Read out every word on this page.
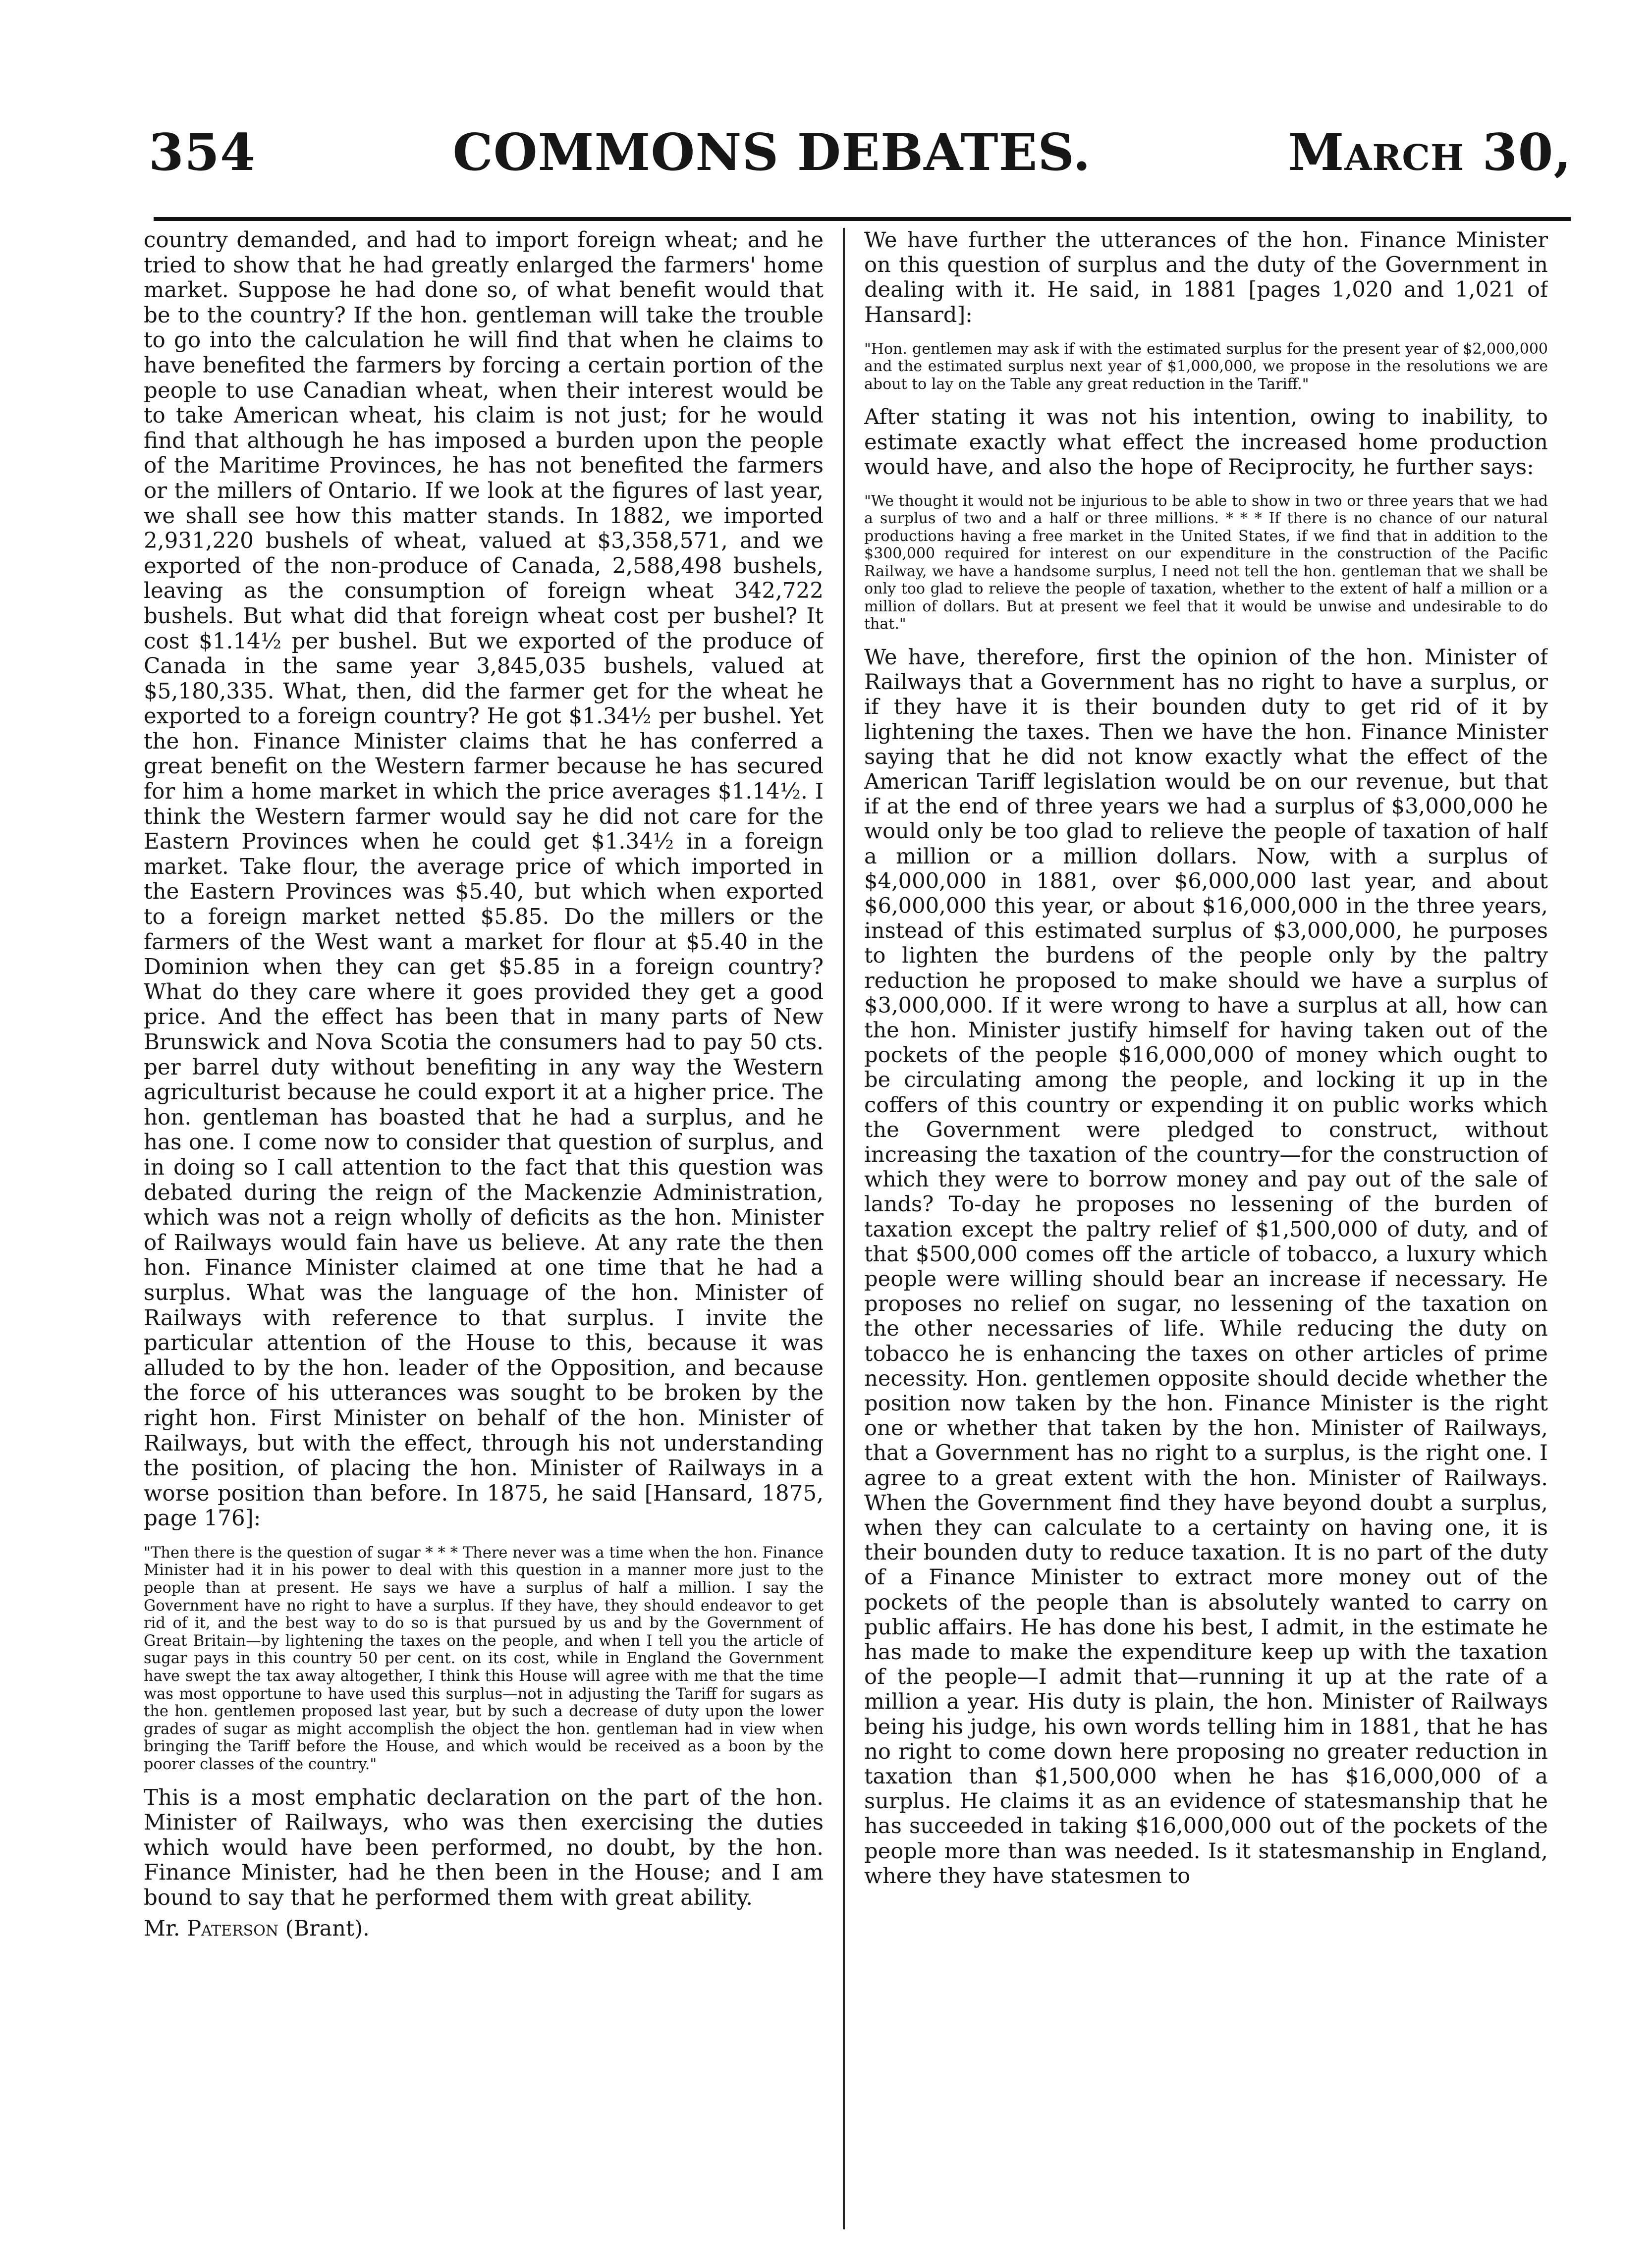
354	COMMONS DEBATES.	March 30,

country demanded, and had to import foreign wheat; and he tried to show that he had greatly enlarged the farmers' home market. Suppose he had done so, of what benefit would that be to the country? If the hon. gentleman will take the trouble to go into the calculation he will find that when he claims to have benefited the farmers by forcing a certain portion of the people to use Canadian wheat, when their interest would be to take American wheat, his claim is not just; for he would find that although he has imposed a burden upon the people of the Maritime Provinces, he has not benefited the farmers or the millers of Ontario. If we look at the figures of last year, we shall see how this matter stands. In 1882, we imported 2,931,220 bushels of wheat, valued at $3,358,571, and we exported of the non-produce of Canada, 2,588,498 bushels, leaving as the consumption of foreign wheat 342,722 bushels. But what did that foreign wheat cost per bushel? It cost $1.14½ per bushel. But we exported of the produce of Canada in the same year 3,845,035 bushels, valued at $5,180,335. What, then, did the farmer get for the wheat he exported to a foreign country? He got $1.34½ per bushel. Yet the hon. Finance Minister claims that he has conferred a great benefit on the Western farmer because he has secured for him a home market in which the price averages $1.14½. I think the Western farmer would say he did not care for the Eastern Provinces when he could get $1.34½ in a foreign market. Take flour, the average price of which imported in the Eastern Provinces was $5.40, but which when exported to a foreign market netted $5.85. Do the millers or the farmers of the West want a market for flour at $5.40 in the Dominion when they can get $5.85 in a foreign country? What do they care where it goes provided they get a good price. And the effect has been that in many parts of New Brunswick and Nova Scotia the consumers had to pay 50 cts. per barrel duty without benefiting in any way the Western agriculturist because he could export it at a higher price. The hon. gentleman has boasted that he had a surplus, and he has one. I come now to consider that question of surplus, and in doing so I call attention to the fact that this question was debated during the reign of the Mackenzie Administration, which was not a reign wholly of deficits as the hon. Minister of Railways would fain have us believe. At any rate the then hon. Finance Minister claimed at one time that he had a surplus. What was the language of the hon. Minister of Railways with reference to that surplus. I invite the particular attention of the House to this, because it was alluded to by the hon. leader of the Opposition, and because the force of his utterances was sought to be broken by the right hon. First Minister on behalf of the hon. Minister of Railways, but with the effect, through his not understanding the position, of placing the hon. Minister of Railways in a worse position than before. In 1875, he said [Hansard, 1875, page 176]:

"Then there is the question of sugar * * * There never was a time when the hon. Finance Minister had it in his power to deal with this question in a manner more just to the people than at present. He says we have a surplus of half a million. I say the Government have no right to have a surplus. If they have, they should endeavor to get rid of it, and the best way to do so is that pursued by us and by the Government of Great Britain—by lightening the taxes on the people, and when I tell you the article of sugar pays in this country 50 per cent. on its cost, while in England the Government have swept the tax away altogether, I think this House will agree with me that the time was most opportune to have used this surplus—not in adjusting the Tariff for sugars as the hon. gentlemen proposed last year, but by such a decrease of duty upon the lower grades of sugar as might accomplish the object the hon. gentleman had in view when bringing the Tariff before the House, and which would be received as a boon by the poorer classes of the country."

This is a most emphatic declaration on the part of the hon. Minister of Railways, who was then exercising the duties which would have been performed, no doubt, by the hon. Finance Minister, had he then been in the House; and I am bound to say that he performed them with great ability.

Mr. Paterson (Brant).

We have further the utterances of the hon. Finance Minister on this question of surplus and the duty of the Government in dealing with it. He said, in 1881 [pages 1,020 and 1,021 of Hansard]:

"Hon. gentlemen may ask if with the estimated surplus for the present year of $2,000,000 and the estimated surplus next year of $1,000,000, we propose in the resolutions we are about to lay on the Table any great reduction in the Tariff."

After stating it was not his intention, owing to inability, to estimate exactly what effect the increased home production would have, and also the hope of Reciprocity, he further says:

"We thought it would not be injurious to be able to show in two or three years that we had a surplus of two and a half or three millions. * * * If there is no chance of our natural productions having a free market in the United States, if we find that in addition to the $300,000 required for interest on our expenditure in the construction of the Pacific Railway, we have a handsome surplus, I need not tell the hon. gentleman that we shall be only too glad to relieve the people of taxation, whether to the extent of half a million or a million of dollars. But at present we feel that it would be unwise and undesirable to do that."

We have, therefore, first the opinion of the hon. Minister of Railways that a Government has no right to have a surplus, or if they have it is their bounden duty to get rid of it by lightening the taxes. Then we have the hon. Finance Minister saying that he did not know exactly what the effect of the American Tariff legislation would be on our revenue, but that if at the end of three years we had a surplus of $3,000,000 he would only be too glad to relieve the people of taxation of half a million or a million dollars. Now, with a surplus of $4,000,000 in 1881, over $6,000,000 last year, and about $6,000,000 this year, or about $16,000,000 in the three years, instead of this estimated surplus of $3,000,000, he purposes to lighten the burdens of the people only by the paltry reduction he proposed to make should we have a surplus of $3,000,000. If it were wrong to have a surplus at all, how can the hon. Minister justify himself for having taken out of the pockets of the people $16,000,000 of money which ought to be circulating among the people, and locking it up in the coffers of this country or expending it on public works which the Government were pledged to construct, without increasing the taxation of the country—for the construction of which they were to borrow money and pay out of the sale of lands? To-day he proposes no lessening of the burden of taxation except the paltry relief of $1,500,000 of duty, and of that $500,000 comes off the article of tobacco, a luxury which people were willing should bear an increase if necessary. He proposes no relief on sugar, no lessening of the taxation on the other necessaries of life. While reducing the duty on tobacco he is enhancing the taxes on other articles of prime necessity. Hon. gentlemen opposite should decide whether the position now taken by the hon. Finance Minister is the right one or whether that taken by the hon. Minister of Railways, that a Government has no right to a surplus, is the right one. I agree to a great extent with the hon. Minister of Railways. When the Government find they have beyond doubt a surplus, when they can calculate to a certainty on having one, it is their bounden duty to reduce taxation. It is no part of the duty of a Finance Minister to extract more money out of the pockets of the people than is absolutely wanted to carry on public affairs. He has done his best, I admit, in the estimate he has made to make the expenditure keep up with the taxation of the people—I admit that—running it up at the rate of a million a year. His duty is plain, the hon. Minister of Railways being his judge, his own words telling him in 1881, that he has no right to come down here proposing no greater reduction in taxation than $1,500,000 when he has $16,000,000 of a surplus. He claims it as an evidence of statesmanship that he has succeeded in taking $16,000,000 out of the pockets of the people more than was needed. Is it statesmanship in England, where they have statesmen to
